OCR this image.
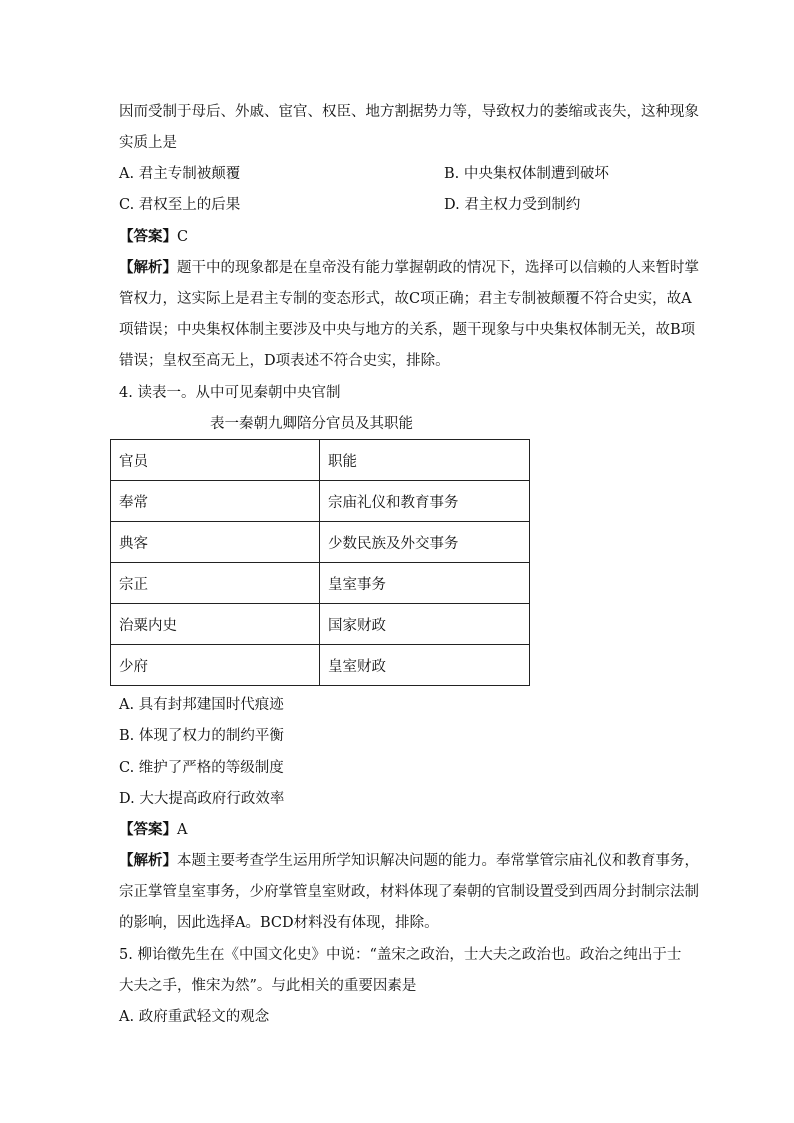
因而受制于母后、外戚、宦官、权臣、地方割据势力等，导致权力的萎缩或丧失，这种现象
实质上是
A. 君主专制被颠覆	B. 中央集权体制遭到破坏
C. 君权至上的后果	D. 君主权力受到制约
【答案】C
【解析】题干中的现象都是在皇帝没有能力掌握朝政的情况下，选择可以信赖的人来暂时掌
管权力，这实际上是君主专制的变态形式，故C项正确；君主专制被颠覆不符合史实，故A
项错误；中央集权体制主要涉及中央与地方的关系，题干现象与中央集权体制无关，故B项
错误；皇权至高无上，D项表述不符合史实，排除。
4. 读表一。从中可见秦朝中央官制
表一秦朝九卿陪分官员及其职能
官员	职能
奉常	宗庙礼仪和教育事务
典客	少数民族及外交事务
宗正	皇室事务
治粟内史	国家财政
少府	皇室财政
A. 具有封邦建国时代痕迹
B. 体现了权力的制约平衡
C. 维护了严格的等级制度
D. 大大提高政府行政效率
【答案】A
【解析】本题主要考查学生运用所学知识解决问题的能力。奉常掌管宗庙礼仪和教育事务，
宗正掌管皇室事务，少府掌管皇室财政，材料体现了秦朝的官制设置受到西周分封制宗法制
的影响，因此选择A。BCD材料没有体现，排除。
5. 柳诒徵先生在《中国文化史》中说：“盖宋之政治，士大夫之政治也。政治之纯出于士
大夫之手，惟宋为然”。与此相关的重要因素是
A. 政府重武轻文的观念
